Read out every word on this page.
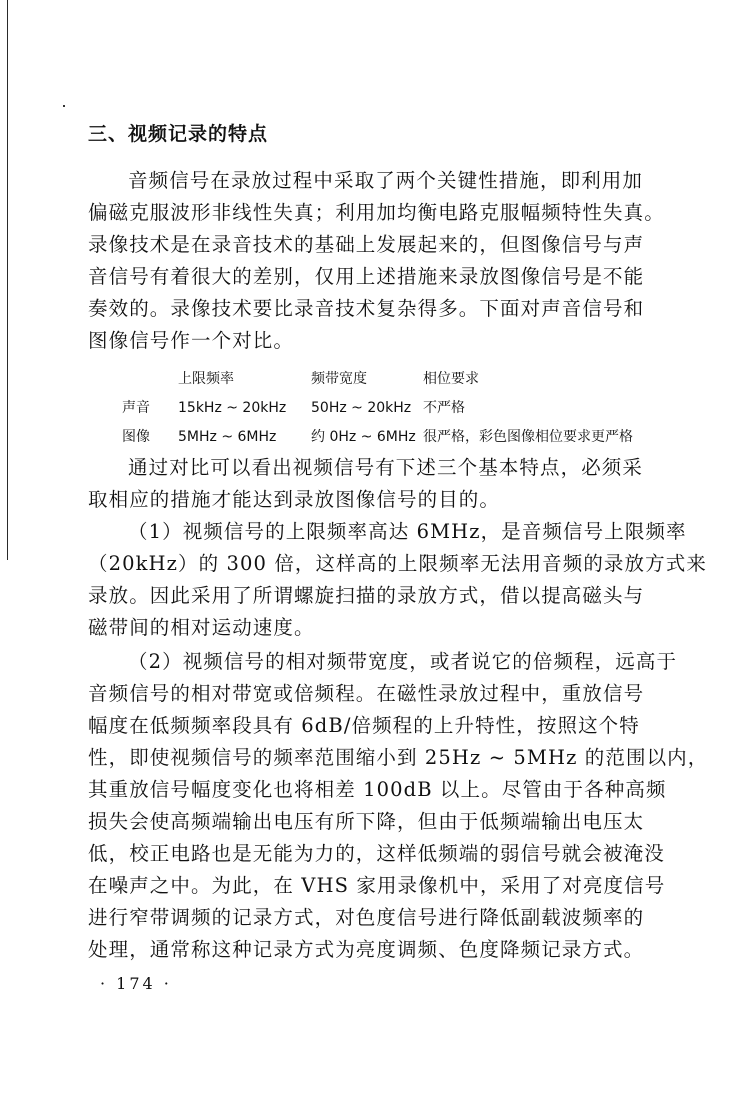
三、视频记录的特点
音频信号在录放过程中采取了两个关键性措施，即利用加
偏磁克服波形非线性失真；利用加均衡电路克服幅频特性失真。
录像技术是在录音技术的基础上发展起来的，但图像信号与声
音信号有着很大的差别，仅用上述措施来录放图像信号是不能
奏效的。录像技术要比录音技术复杂得多。下面对声音信号和
图像信号作一个对比。
上限频率	频带宽度	相位要求
声音 15kHz ~ 20kHz 50Hz ~ 20kHz 不严格
图像 5MHz ~ 6MHz 约 0Hz ~ 6MHz 很严格，彩色图像相位要求更严格
通过对比可以看出视频信号有下述三个基本特点，必须采
取相应的措施才能达到录放图像信号的目的。
（1）视频信号的上限频率高达 6MHz，是音频信号上限频率
（20kHz）的 300 倍，这样高的上限频率无法用音频的录放方式来
录放。因此采用了所谓螺旋扫描的录放方式，借以提高磁头与
磁带间的相对运动速度。
（2）视频信号的相对频带宽度，或者说它的倍频程，远高于
音频信号的相对带宽或倍频程。在磁性录放过程中，重放信号
幅度在低频频率段具有 6dB/倍频程的上升特性，按照这个特
性，即使视频信号的频率范围缩小到 25Hz ~ 5MHz 的范围以内，
其重放信号幅度变化也将相差 100dB 以上。尽管由于各种高频
损失会使高频端输出电压有所下降，但由于低频端输出电压太
低，校正电路也是无能为力的，这样低频端的弱信号就会被淹没
在噪声之中。为此，在 VHS 家用录像机中，采用了对亮度信号
进行窄带调频的记录方式，对色度信号进行降低副载波频率的
处理，通常称这种记录方式为亮度调频、色度降频记录方式。
· 174 ·
